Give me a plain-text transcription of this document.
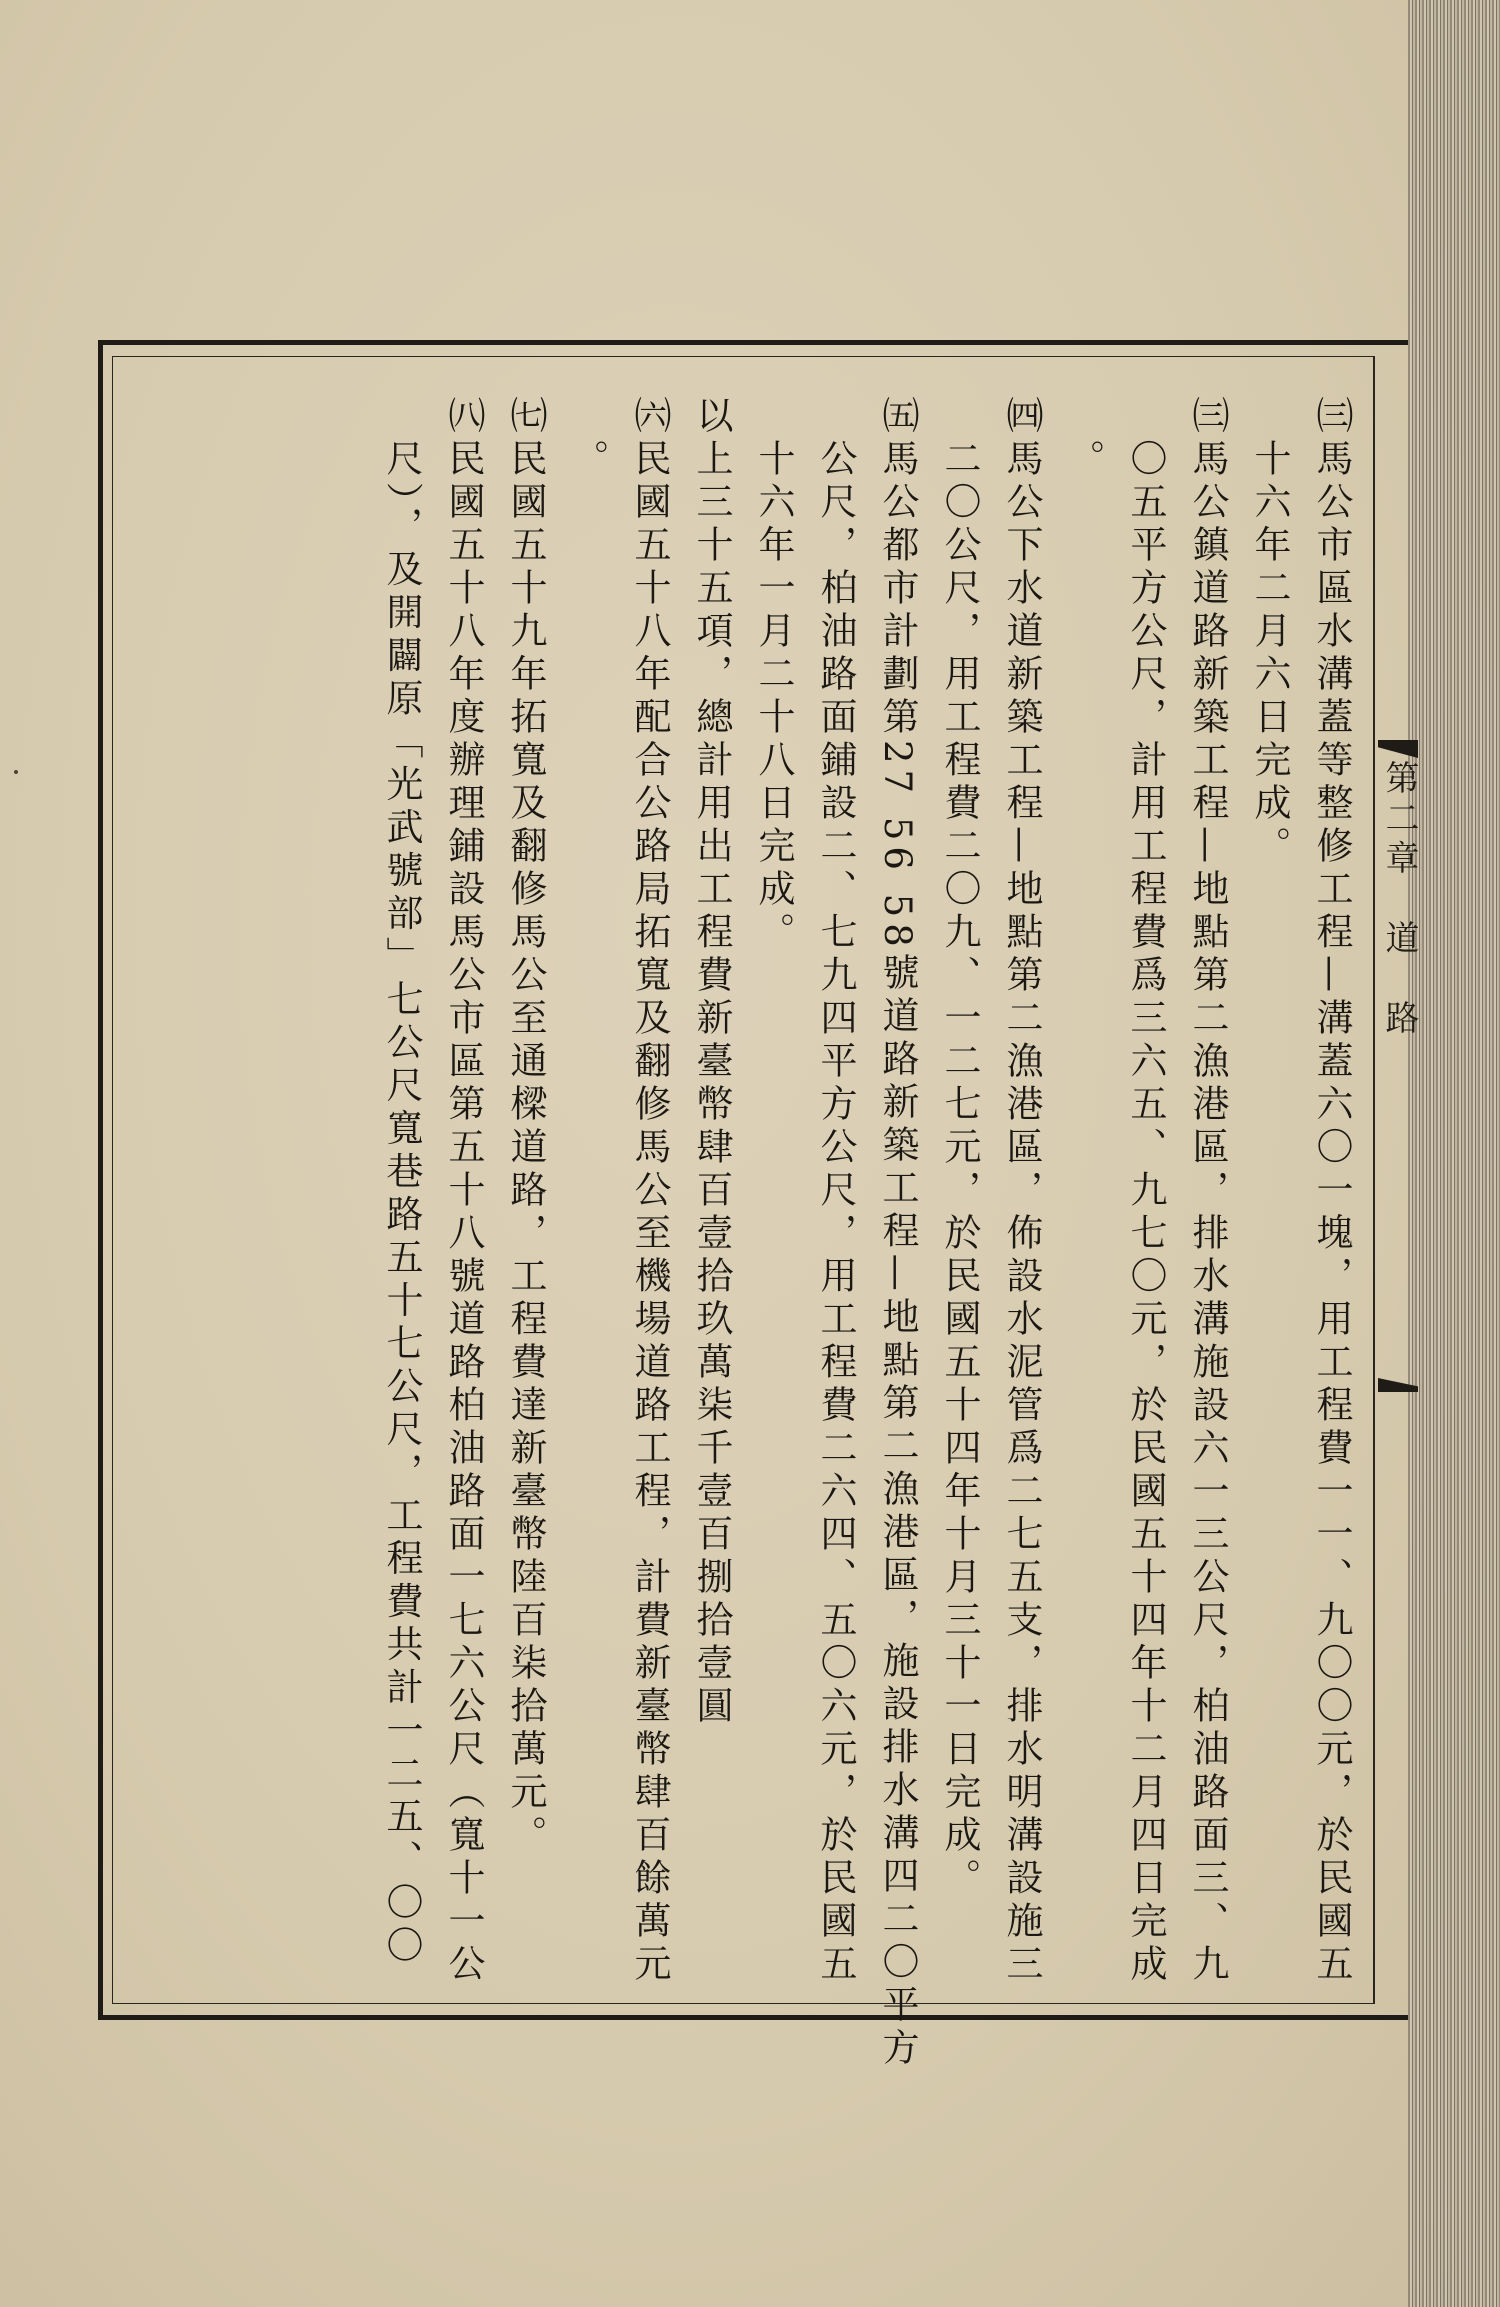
第二章道　路
㈢馬公市區水溝蓋等整修工程—溝蓋六〇一塊，用工程費一一、九〇〇元，於民國五
　十六年二月六日完成。
㈢馬公鎮道路新築工程—地點第二漁港區，排水溝施設六一三公尺，柏油路面三、九
　〇五平方公尺，計用工程費爲三六五、九七〇元，於民國五十四年十二月四日完成
　。
㈣馬公下水道新築工程—地點第二漁港區，佈設水泥管爲二七五支，排水明溝設施三
　二〇公尺，用工程費二〇九、一二七元，於民國五十四年十月三十一日完成。
㈤馬公都市計劃第27 56 58號道路新築工程—地點第二漁港區，施設排水溝四二〇平方
　公尺，柏油路面鋪設二、七九四平方公尺，用工程費二六四、五〇六元，於民國五
　十六年一月二十八日完成。
以上三十五項，總計用出工程費新臺幣肆百壹拾玖萬柒千壹百捌拾壹圓
㈥民國五十八年配合公路局拓寬及翻修馬公至機場道路工程，計費新臺幣肆百餘萬元
　。
㈦民國五十九年拓寬及翻修馬公至通樑道路，工程費達新臺幣陸百柒拾萬元。
㈧民國五十八年度辦理鋪設馬公市區第五十八號道路柏油路面一七六公尺（寬十一公
　尺），及開闢原「光武號部」七公尺寬巷路五十七公尺，工程費共計一二五、〇〇
